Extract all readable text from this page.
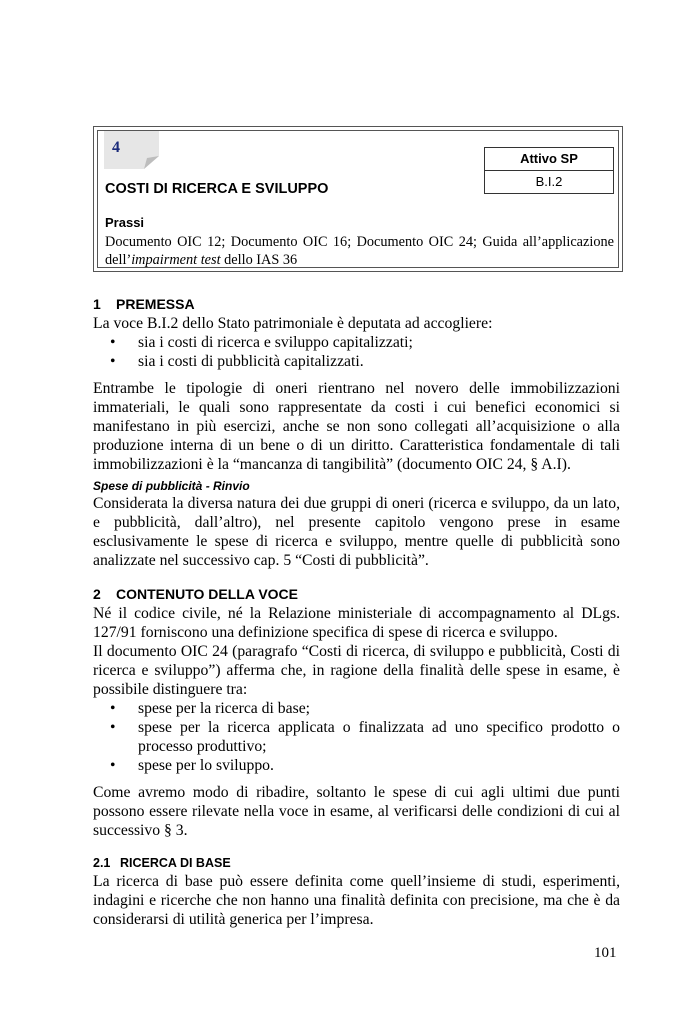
4
Attivo SP
B.I.2
COSTI DI RICERCA E SVILUPPO
Prassi
Documento OIC 12; Documento OIC 16; Documento OIC 24; Guida all’applicazione dell’impairment test dello IAS 36
1 PREMESSA

La voce B.I.2 dello Stato patrimoniale è deputata ad accogliere:

• sia i costi di ricerca e sviluppo capitalizzati;
• sia i costi di pubblicità capitalizzati.

Entrambe le tipologie di oneri rientrano nel novero delle immobilizzazioni immateriali, le quali sono rappresentate da costi i cui benefici economici si manifestano in più esercizi, anche se non sono collegati all’acquisizione o alla produzione interna di un bene o di un diritto. Caratteristica fondamentale di tali immobilizzazioni è la “mancanza di tangibilità” (documento OIC 24, § A.I).

Spese di pubblicità - Rinvio

Considerata la diversa natura dei due gruppi di oneri (ricerca e sviluppo, da un lato, e pubblicità, dall’altro), nel presente capitolo vengono prese in esame esclusivamente le spese di ricerca e sviluppo, mentre quelle di pubblicità sono analizzate nel successivo cap. 5 “Costi di pubblicità”.

2 CONTENUTO DELLA VOCE

Né il codice civile, né la Relazione ministeriale di accompagnamento al DLgs. 127/91 forniscono una definizione specifica di spese di ricerca e sviluppo.

Il documento OIC 24 (paragrafo “Costi di ricerca, di sviluppo e pubblicità, Costi di ricerca e sviluppo”) afferma che, in ragione della finalità delle spese in esame, è possibile distinguere tra:

• spese per la ricerca di base;
• spese per la ricerca applicata o finalizzata ad uno specifico prodotto o processo produttivo;
• spese per lo sviluppo.

Come avremo modo di ribadire, soltanto le spese di cui agli ultimi due punti possono essere rilevate nella voce in esame, al verificarsi delle condizioni di cui al successivo § 3.

2.1 RICERCA DI BASE

La ricerca di base può essere definita come quell’insieme di studi, esperimenti, indagini e ricerche che non hanno una finalità definita con precisione, ma che è da considerarsi di utilità generica per l’impresa.

101
